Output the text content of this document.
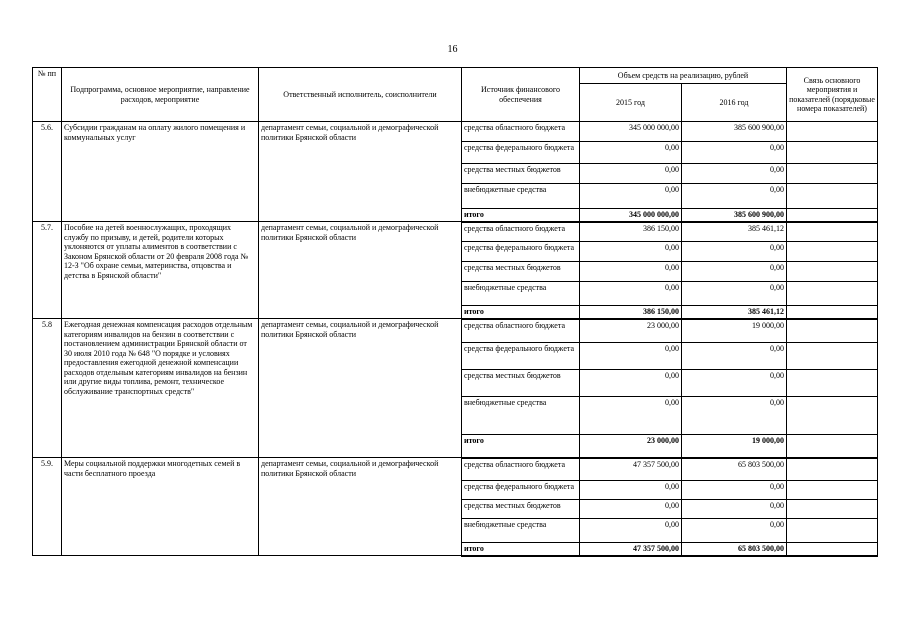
16
№ пп	Подпрограмма, основное мероприятие, направление расходов, мероприятие	Ответственный исполнитель, соисполнители	Источник финансового обеспечения	Объем средств на реализацию, рублей		Связь основного мероприятия и показателей (порядковые номера показателей)
				2015 год	2016 год	
5.6.	Субсидии гражданам на оплату жилого помещения и коммунальных услуг	департамент семьи, социальной и демографической политики Брянской области	средства областного бюджета	345 000 000,00	385 600 900,00	
			средства федерального бюджета	0,00	0,00	
			средства местных бюджетов	0,00	0,00	
			внебюджетные средства	0,00	0,00	
			итого	345 000 000,00	385 600 900,00	
5.7.	Пособие на детей военнослужащих, проходящих службу по призыву, и детей, родители которых уклоняются от уплаты алиментов в соответствии с Законом Брянской области от 20 февраля 2008 года № 12-З "Об охране семьи, материнства, отцовства и детства в Брянской области"	департамент семьи, социальной и демографической политики Брянской области	средства областного бюджета	386 150,00	385 461,12	
			средства федерального бюджета	0,00	0,00	
			средства местных бюджетов	0,00	0,00	
			внебюджетные средства	0,00	0,00	
			итого	386 150,00	385 461,12	
5.8	Ежегодная денежная компенсация расходов отдельным категориям инвалидов на бензин в соответствии с постановлением администрации Брянской области от 30 июля 2010 года № 648 "О порядке и условиях предоставления ежегодной денежной компенсации расходов отдельным категориям инвалидов на бензин или другие виды топлива, ремонт, техническое обслуживание транспортных средств"	департамент семьи, социальной и демографической политики Брянской области	средства областного бюджета	23 000,00	19 000,00	
			средства федерального бюджета	0,00	0,00	
			средства местных бюджетов	0,00	0,00	
			внебюджетные средства	0,00	0,00	
			итого	23 000,00	19 000,00	
5.9.	Меры социальной поддержки многодетных семей в части бесплатного проезда	департамент семьи, социальной и демографической политики Брянской области	средства областного бюджета	47 357 500,00	65 803 500,00	
			средства федерального бюджета	0,00	0,00	
			средства местных бюджетов	0,00	0,00	
			внебюджетные средства	0,00	0,00	
			итого	47 357 500,00	65 803 500,00	
